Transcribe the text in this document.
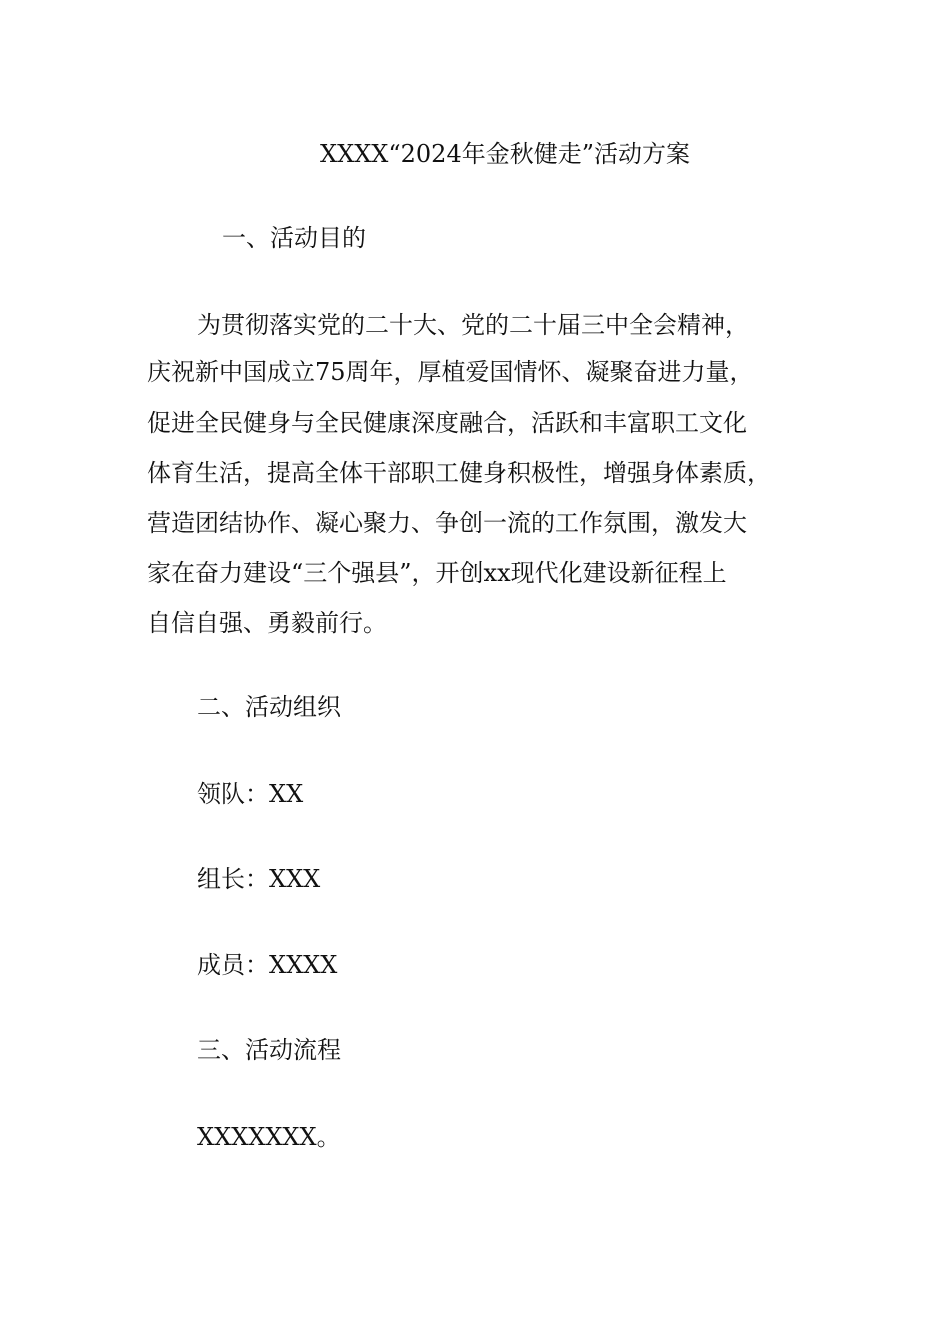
XXXX“2024年金秋健走”活动方案
一、活动目的
为贯彻落实党的二十大、党的二十届三中全会精神，
庆祝新中国成立75周年，厚植爱国情怀、凝聚奋进力量，
促进全民健身与全民健康深度融合，活跃和丰富职工文化
体育生活，提高全体干部职工健身积极性，增强身体素质，
营造团结协作、凝心聚力、争创一流的工作氛围，激发大
家在奋力建设“三个强县”，开创xx现代化建设新征程上
自信自强、勇毅前行。
二、活动组织
领队：XX
组长：XXX
成员：XXXX
三、活动流程
XXXXXXX。
